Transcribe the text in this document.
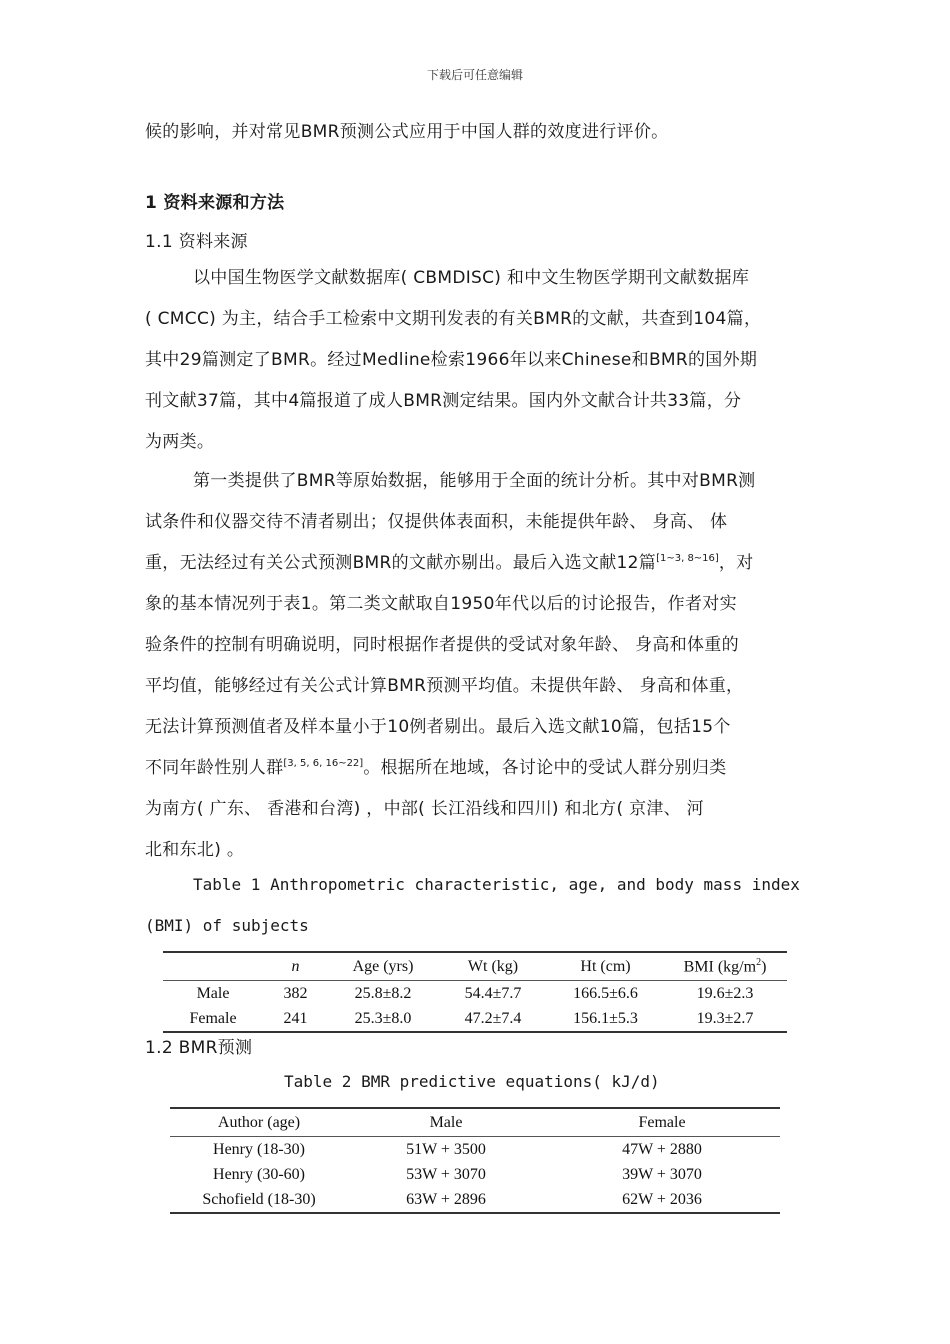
下载后可任意编辑
候的影响，并对常见BMR预测公式应用于中国人群的效度进行评价。
1 资料来源和方法
1.1 资料来源
以中国生物医学文献数据库( CBMDISC) 和中文生物医学期刊文献数据库
( CMCC) 为主，结合手工检索中文期刊发表的有关BMR的文献，共查到104篇，
其中29篇测定了BMR。经过Medline检索1966年以来Chinese和BMR的国外期
刊文献37篇，其中4篇报道了成人BMR测定结果。国内外文献合计共33篇，分
为两类。
第一类提供了BMR等原始数据，能够用于全面的统计分析。其中对BMR测
试条件和仪器交待不清者剔出；仅提供体表面积，未能提供年龄、 身高、 体
重，无法经过有关公式预测BMR的文献亦剔出。最后入选文献12篇[1~3, 8~16]，对
象的基本情况列于表1。第二类文献取自1950年代以后的讨论报告，作者对实
验条件的控制有明确说明，同时根据作者提供的受试对象年龄、 身高和体重的
平均值，能够经过有关公式计算BMR预测平均值。未提供年龄、 身高和体重，
无法计算预测值者及样本量小于10例者剔出。最后入选文献10篇，包括15个
不同年龄性别人群[3, 5, 6, 16~22]。根据所在地域，各讨论中的受试人群分别归类
为南方( 广东、 香港和台湾) ，中部( 长江沿线和四川) 和北方( 京津、 河
北和东北) 。
Table 1 Anthropometric characteristic, age, and body mass index
(BMI) of subjects
	n	Age (yrs)	Wt (kg)	Ht (cm)	BMI $(kg/m^2)$
Male	382	25.8±8.2	54.4±7.7	166.5±6.6	19.6±2.3
Female	241	25.3±8.0	47.2±7.4	156.1±5.3	19.3±2.7
1.2 BMR预测
Table 2 BMR predictive equations( kJ/d)
Author (age)	Male	Female
Henry (18-30)	51W + 3500	47W + 2880
Henry (30-60)	53W + 3070	39W + 3070
Schofield (18-30)	63W + 2896	62W + 2036
